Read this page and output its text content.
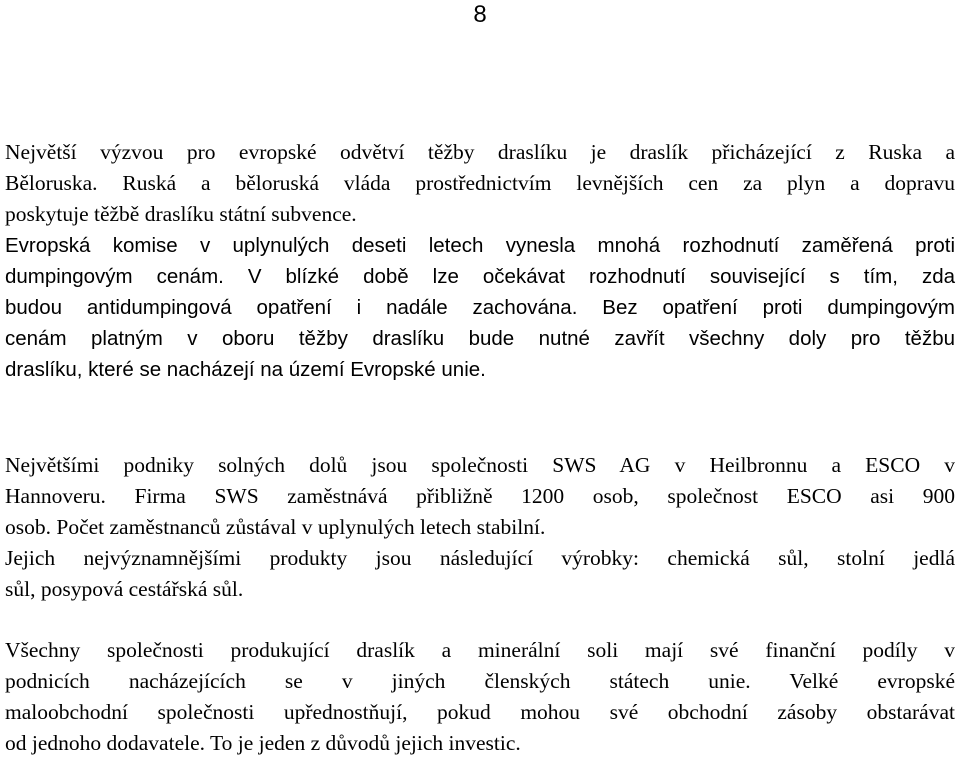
8
Největší výzvou pro evropské odvětví těžby draslíku je draslík přicházející z Ruska a
Běloruska. Ruská a běloruská vláda prostřednictvím levnějších cen za plyn a dopravu
poskytuje těžbě draslíku státní subvence.
Evropská komise v uplynulých deseti letech vynesla mnohá rozhodnutí zaměřená proti
dumpingovým cenám. V blízké době lze očekávat rozhodnutí související s tím, zda
budou antidumpingová opatření i nadále zachována. Bez opatření proti dumpingovým
cenám platným v oboru těžby draslíku bude nutné zavřít všechny doly pro těžbu
draslíku, které se nacházejí na území Evropské unie.
Největšími podniky solných dolů jsou společnosti SWS AG v Heilbronnu a ESCO v
Hannoveru. Firma SWS zaměstnává přibližně 1200 osob, společnost ESCO asi 900
osob. Počet zaměstnanců zůstával v uplynulých letech stabilní.
Jejich nejvýznamnějšími produkty jsou následující výrobky: chemická sůl, stolní jedlá
sůl, posypová cestářská sůl.
Všechny společnosti produkující draslík a minerální soli mají své finanční podíly v
podnicích nacházejících se v jiných členských státech unie. Velké evropské
maloobchodní společnosti upřednostňují, pokud mohou své obchodní zásoby obstarávat
od jednoho dodavatele. To je jeden z důvodů jejich investic.
